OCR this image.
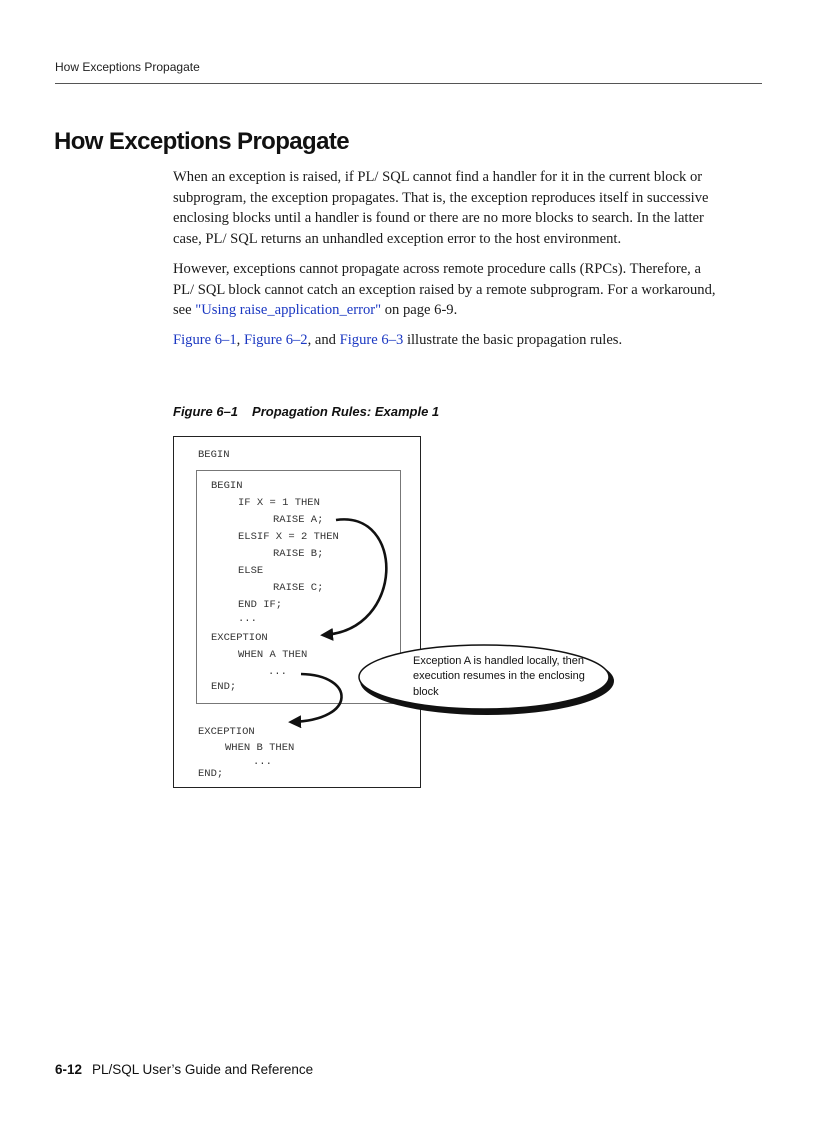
How Exceptions Propagate
How Exceptions Propagate

When an exception is raised, if PL/ SQL cannot find a handler for it in the current block or subprogram, the exception propagates. That is, the exception reproduces itself in successive enclosing blocks until a handler is found or there are no more blocks to search. In the latter case, PL/ SQL returns an unhandled exception error to the host environment.

However, exceptions cannot propagate across remote procedure calls (RPCs). Therefore, a PL/ SQL block cannot catch an exception raised by a remote subprogram. For a workaround, see "Using raise_application_error" on page 6-9.

Figure 6–1, Figure 6–2, and Figure 6–3 illustrate the basic propagation rules.

Figure 6–1 Propagation Rules: Example 1
BEGIN
BEGIN
IF X = 1 THEN
RAISE A;
ELSIF X = 2 THEN
RAISE B;
ELSE
RAISE C;
END IF;
...
EXCEPTION
WHEN A THEN
...
END;
EXCEPTION
WHEN B THEN
...
END;
Exception A is handled locally, then execution resumes in the enclosing block
6-12 PL/SQL User’s Guide and Reference
